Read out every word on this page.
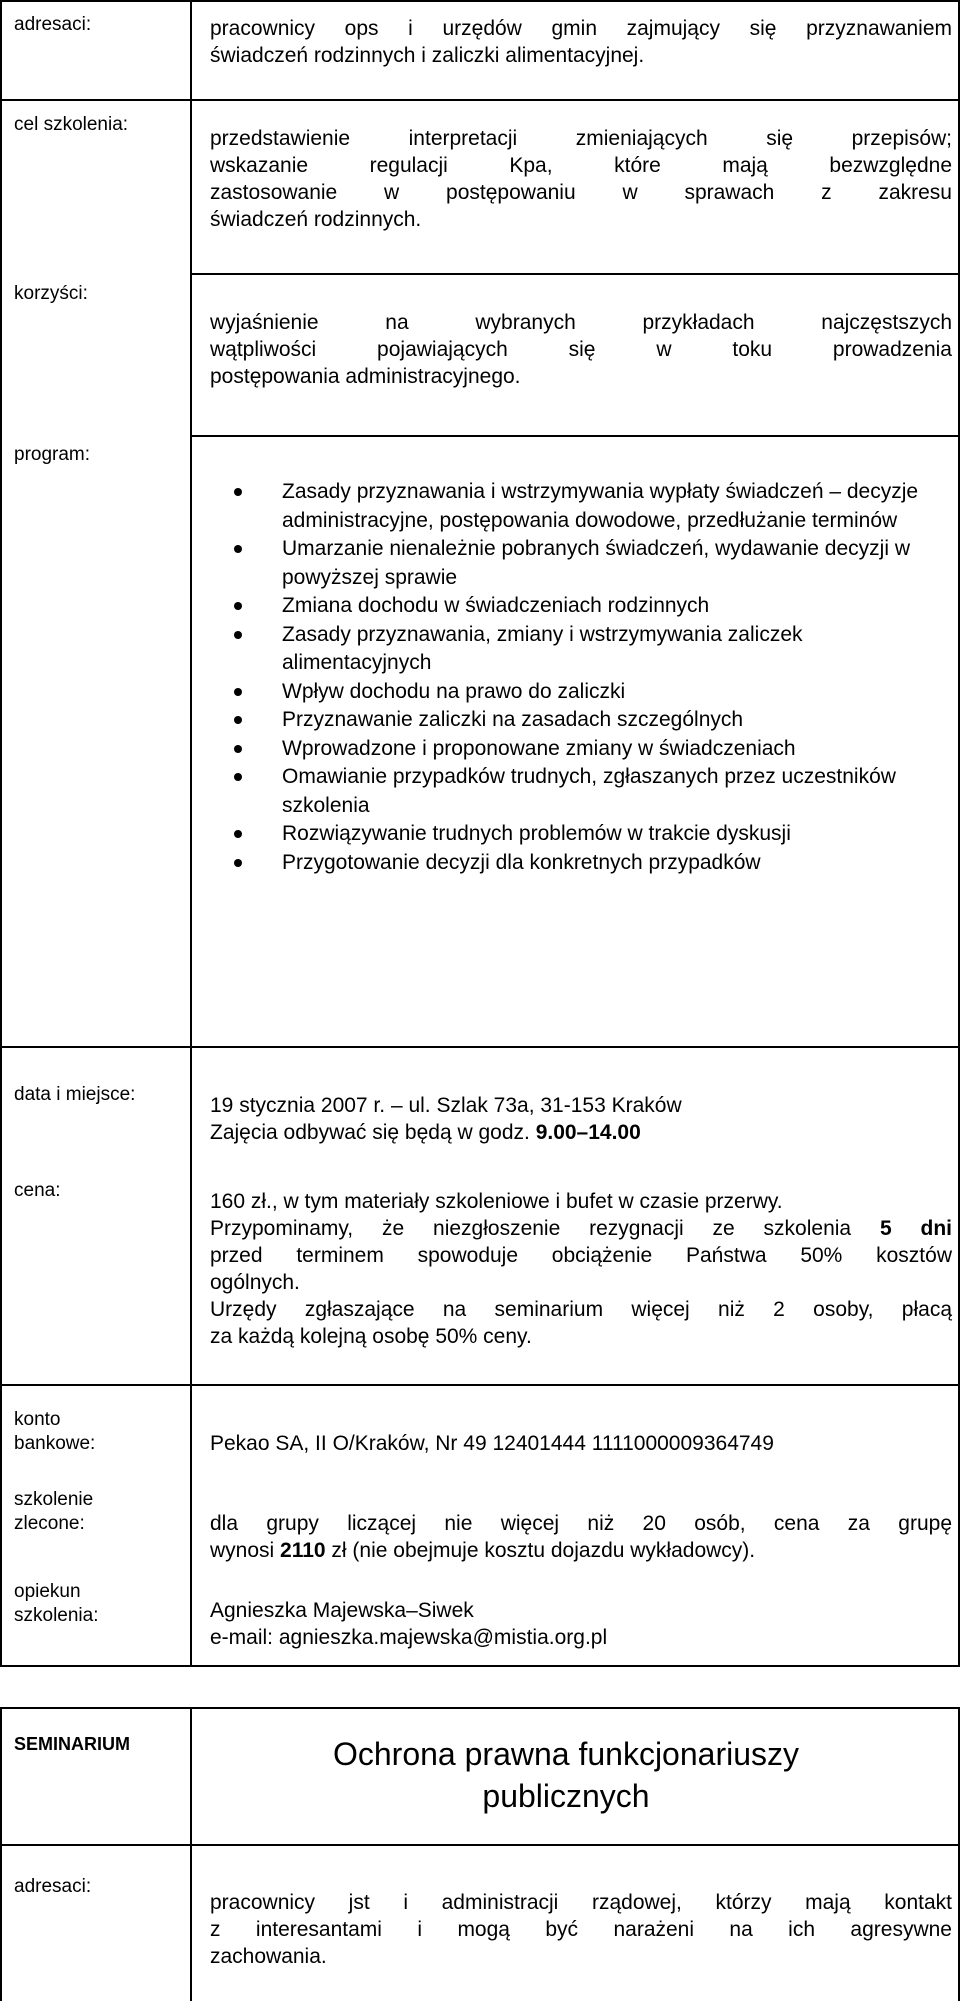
adresaci:	pracownicy ops i urzędów gmin zajmujący się przyznawaniem
świadczeń rodzinnych i zaliczki alimentacyjnej.
cel szkolenia:
przedstawienie interpretacji zmieniających się przepisów;
wskazanie regulacji Kpa, które mają bezwzględne
zastosowanie w postępowaniu w sprawach z zakresu
świadczeń rodzinnych.
korzyści:
wyjaśnienie na wybranych przykładach najczęstszych
wątpliwości pojawiających się w toku prowadzenia
postępowania administracyjnego.
program:
Zasady przyznawania i wstrzymywania wypłaty świadczeń – decyzje administracyjne, postępowania dowodowe, przedłużanie terminów
Umarzanie nienależnie pobranych świadczeń, wydawanie decyzji w powyższej sprawie
Zmiana dochodu w świadczeniach rodzinnych
Zasady przyznawania, zmiany i wstrzymywania zaliczek alimentacyjnych
Wpływ dochodu na prawo do zaliczki
Przyznawanie zaliczki na zasadach szczególnych
Wprowadzone i proponowane zmiany w świadczeniach
Omawianie przypadków trudnych, zgłaszanych przez uczestników szkolenia
Rozwiązywanie trudnych problemów w trakcie dyskusji
Przygotowanie decyzji dla konkretnych przypadków
data i miejsce:	19 stycznia 2007 r. – ul. Szlak 73a, 31-153 Kraków
Zajęcia odbywać się będą w godz. 9.00–14.00
cena:	160 zł., w tym materiały szkoleniowe i bufet w czasie przerwy.
Przypominamy, że niezgłoszenie rezygnacji ze szkolenia 5 dni
przed terminem spowoduje obciążenie Państwa 50% kosztów
ogólnych.
Urzędy zgłaszające na seminarium więcej niż 2 osoby, płacą
za każdą kolejną osobę 50% ceny.
konto
bankowe:	Pekao SA, II O/Kraków, Nr 49 12401444 1111000009364749
szkolenie
zlecone:	dla grupy liczącej nie więcej niż 20 osób, cena za grupę
wynosi 2110 zł (nie obejmuje kosztu dojazdu wykładowcy).
opiekun
szkolenia:	Agnieszka Majewska–Siwek
e-mail: agnieszka.majewska@mistia.org.pl
SEMINARIUM	Ochrona prawna funkcjonariuszy
publicznych
adresaci:
pracownicy jst i administracji rządowej, którzy mają kontakt
z interesantami i mogą być narażeni na ich agresywne
zachowania.
